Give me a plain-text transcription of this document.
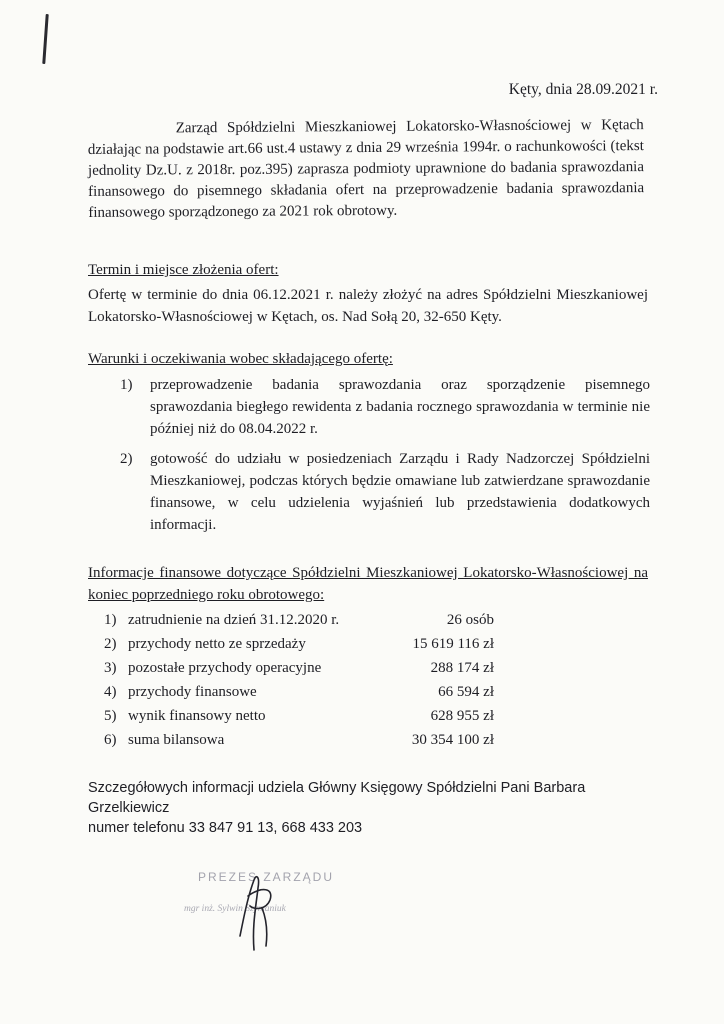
Kęty, dnia 28.09.2021 r.
Zarząd Spółdzielni Mieszkaniowej Lokatorsko-Własnościowej w Kętach działając na podstawie art.66 ust.4 ustawy z dnia 29 września 1994r. o rachunkowości (tekst jednolity Dz.U. z 2018r. poz.395) zaprasza podmioty uprawnione do badania sprawozdania finansowego do pisemnego składania ofert na przeprowadzenie badania sprawozdania finansowego sporządzonego za 2021 rok obrotowy.
Termin i miejsce złożenia ofert:
Ofertę w terminie do dnia 06.12.2021 r. należy złożyć na adres Spółdzielni Mieszkaniowej Lokatorsko-Własnościowej w Kętach, os. Nad Sołą 20, 32-650 Kęty.
Warunki i oczekiwania wobec składającego ofertę:
1) przeprowadzenie badania sprawozdania oraz sporządzenie pisemnego sprawozdania biegłego rewidenta z badania rocznego sprawozdania w terminie nie później niż do 08.04.2022 r.
2) gotowość do udziału w posiedzeniach Zarządu i Rady Nadzorczej Spółdzielni Mieszkaniowej, podczas których będzie omawiane lub zatwierdzane sprawozdanie finansowe, w celu udzielenia wyjaśnień lub przedstawienia dodatkowych informacji.
Informacje finansowe dotyczące Spółdzielni Mieszkaniowej Lokatorsko-Własnościowej na koniec poprzedniego roku obrotowego:
1) zatrudnienie na dzień 31.12.2020 r.	26 osób
2) przychody netto ze sprzedaży	15 619 116 zł
3) pozostałe przychody operacyjne	288 174 zł
4) przychody finansowe	66 594 zł
5) wynik finansowy netto	628 955 zł
6) suma bilansowa	30 354 100 zł
Szczegółowych informacji udziela Główny Księgowy Spółdzielni Pani Barbara Grzelkiewicz
numer telefonu 33 847 91 13, 668 433 203
PREZES ZARZĄDU
mgr inż. Sylwin Szymaniuk
